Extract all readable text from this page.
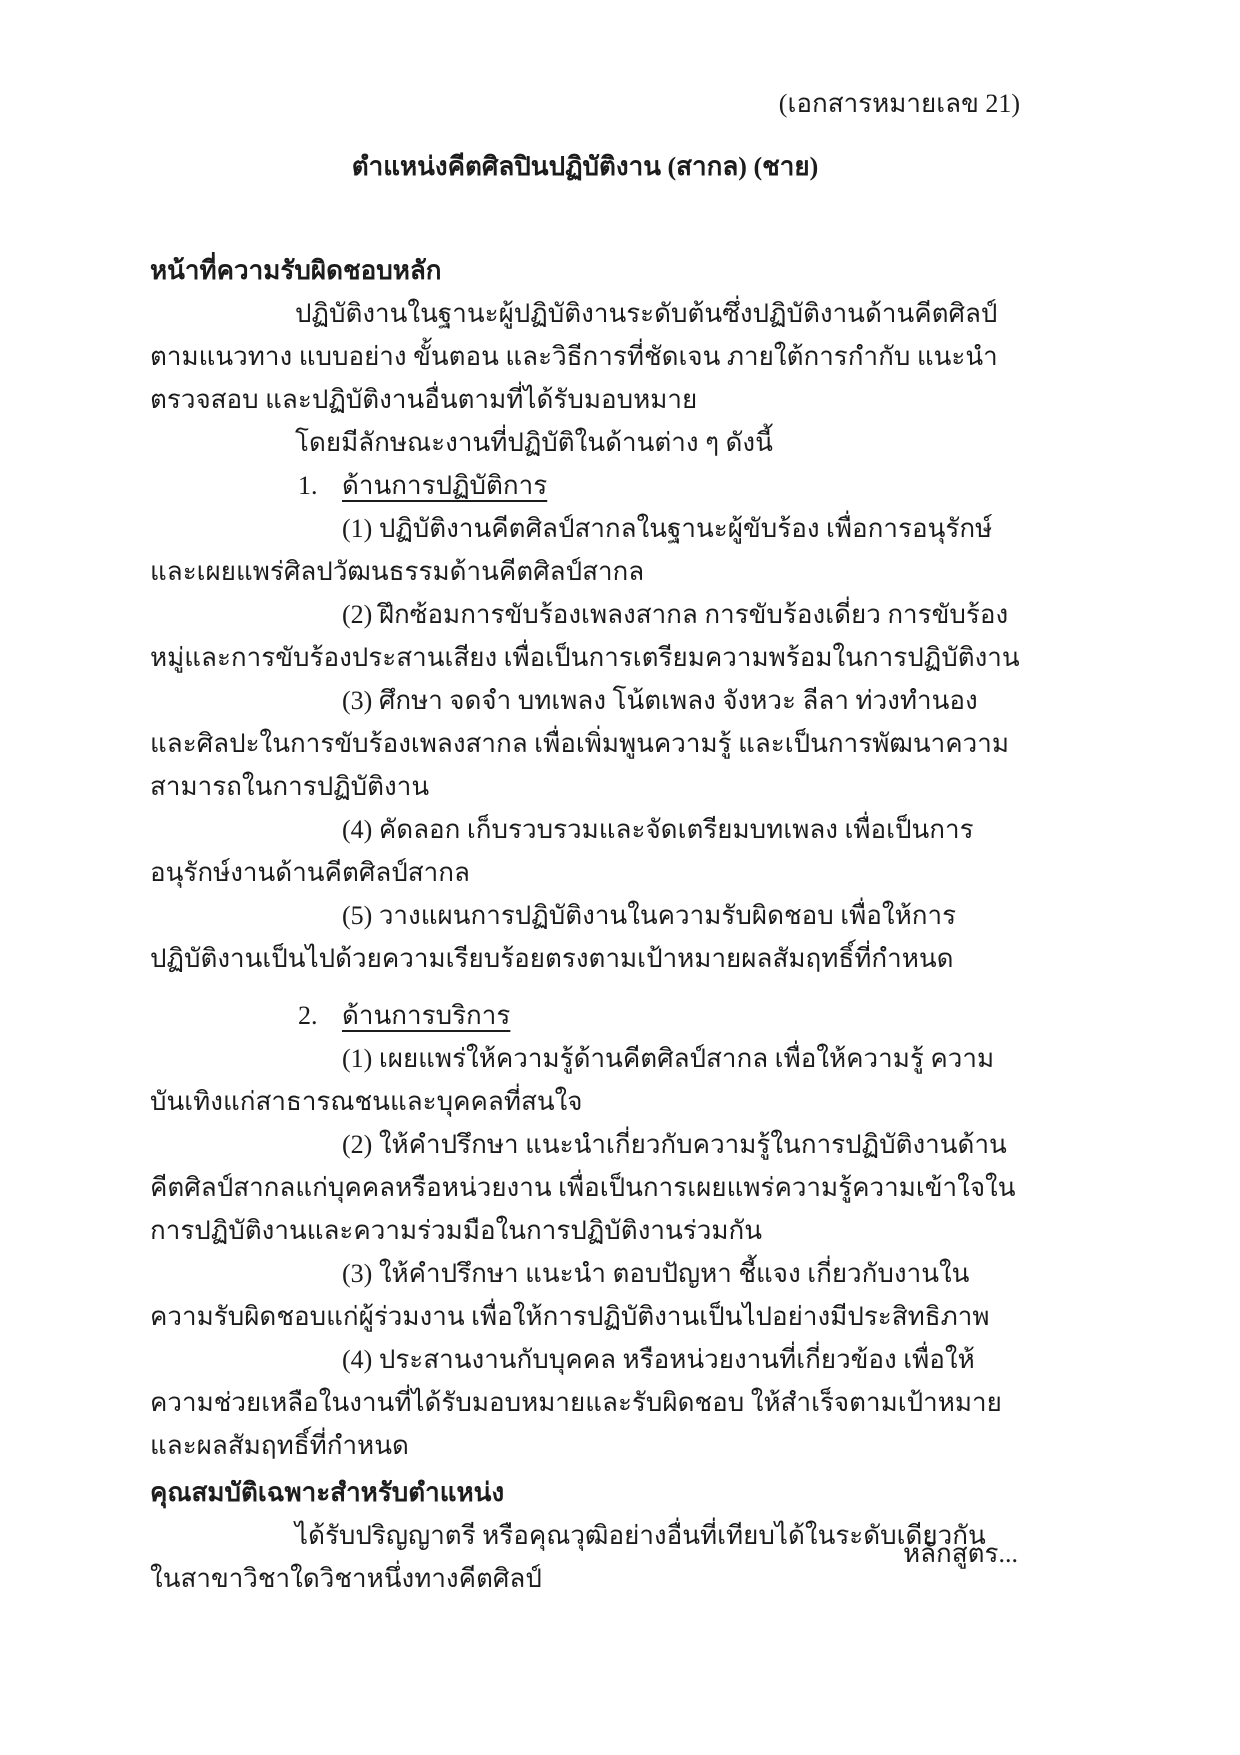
(เอกสารหมายเลข 21)

ตำแหน่งคีตศิลปินปฏิบัติงาน (สากล) (ชาย)
หน้าที่ความรับผิดชอบหลัก

ปฏิบัติงานในฐานะผู้ปฏิบัติงานระดับต้นซึ่งปฏิบัติงานด้านคีตศิลป์ ตามแนวทาง แบบอย่าง ขั้นตอน และวิธีการที่ชัดเจน ภายใต้การกำกับ แนะนำ ตรวจสอบ และปฏิบัติงานอื่นตามที่ได้รับมอบหมาย

โดยมีลักษณะงานที่ปฏิบัติในด้านต่าง ๆ ดังนี้

1. ด้านการปฏิบัติการ

(1) ปฏิบัติงานคีตศิลป์สากลในฐานะผู้ขับร้อง เพื่อการอนุรักษ์และเผยแพร่ศิลปวัฒนธรรมด้านคีตศิลป์สากล

(2) ฝึกซ้อมการขับร้องเพลงสากล การขับร้องเดี่ยว การขับร้องหมู่และการขับร้องประสานเสียง เพื่อเป็นการเตรียมความพร้อมในการปฏิบัติงาน

(3) ศึกษา จดจำ บทเพลง โน้ตเพลง จังหวะ ลีลา ท่วงทำนอง และศิลปะในการขับร้องเพลงสากล เพื่อเพิ่มพูนความรู้ และเป็นการพัฒนาความสามารถในการปฏิบัติงาน

(4) คัดลอก เก็บรวบรวมและจัดเตรียมบทเพลง เพื่อเป็นการอนุรักษ์งานด้านคีตศิลป์สากล

(5) วางแผนการปฏิบัติงานในความรับผิดชอบ เพื่อให้การปฏิบัติงานเป็นไปด้วยความเรียบร้อยตรงตามเป้าหมายผลสัมฤทธิ์ที่กำหนด

2. ด้านการบริการ

(1) เผยแพร่ให้ความรู้ด้านคีตศิลป์สากล เพื่อให้ความรู้ ความบันเทิงแก่สาธารณชนและบุคคลที่สนใจ

(2) ให้คำปรึกษา แนะนำเกี่ยวกับความรู้ในการปฏิบัติงานด้านคีตศิลป์สากลแก่บุคคลหรือหน่วยงาน เพื่อเป็นการเผยแพร่ความรู้ความเข้าใจในการปฏิบัติงานและความร่วมมือในการปฏิบัติงานร่วมกัน

(3) ให้คำปรึกษา แนะนำ ตอบปัญหา ชี้แจง เกี่ยวกับงานในความรับผิดชอบแก่ผู้ร่วมงาน เพื่อให้การปฏิบัติงานเป็นไปอย่างมีประสิทธิภาพ

(4) ประสานงานกับบุคคล หรือหน่วยงานที่เกี่ยวข้อง เพื่อให้ความช่วยเหลือในงานที่ได้รับมอบหมายและรับผิดชอบ ให้สำเร็จตามเป้าหมายและผลสัมฤทธิ์ที่กำหนด

คุณสมบัติเฉพาะสำหรับตำแหน่ง

ได้รับปริญญาตรี หรือคุณวุฒิอย่างอื่นที่เทียบได้ในระดับเดียวกัน ในสาขาวิชาใดวิชาหนึ่งทางคีตศิลป์

หลักสูตร...
